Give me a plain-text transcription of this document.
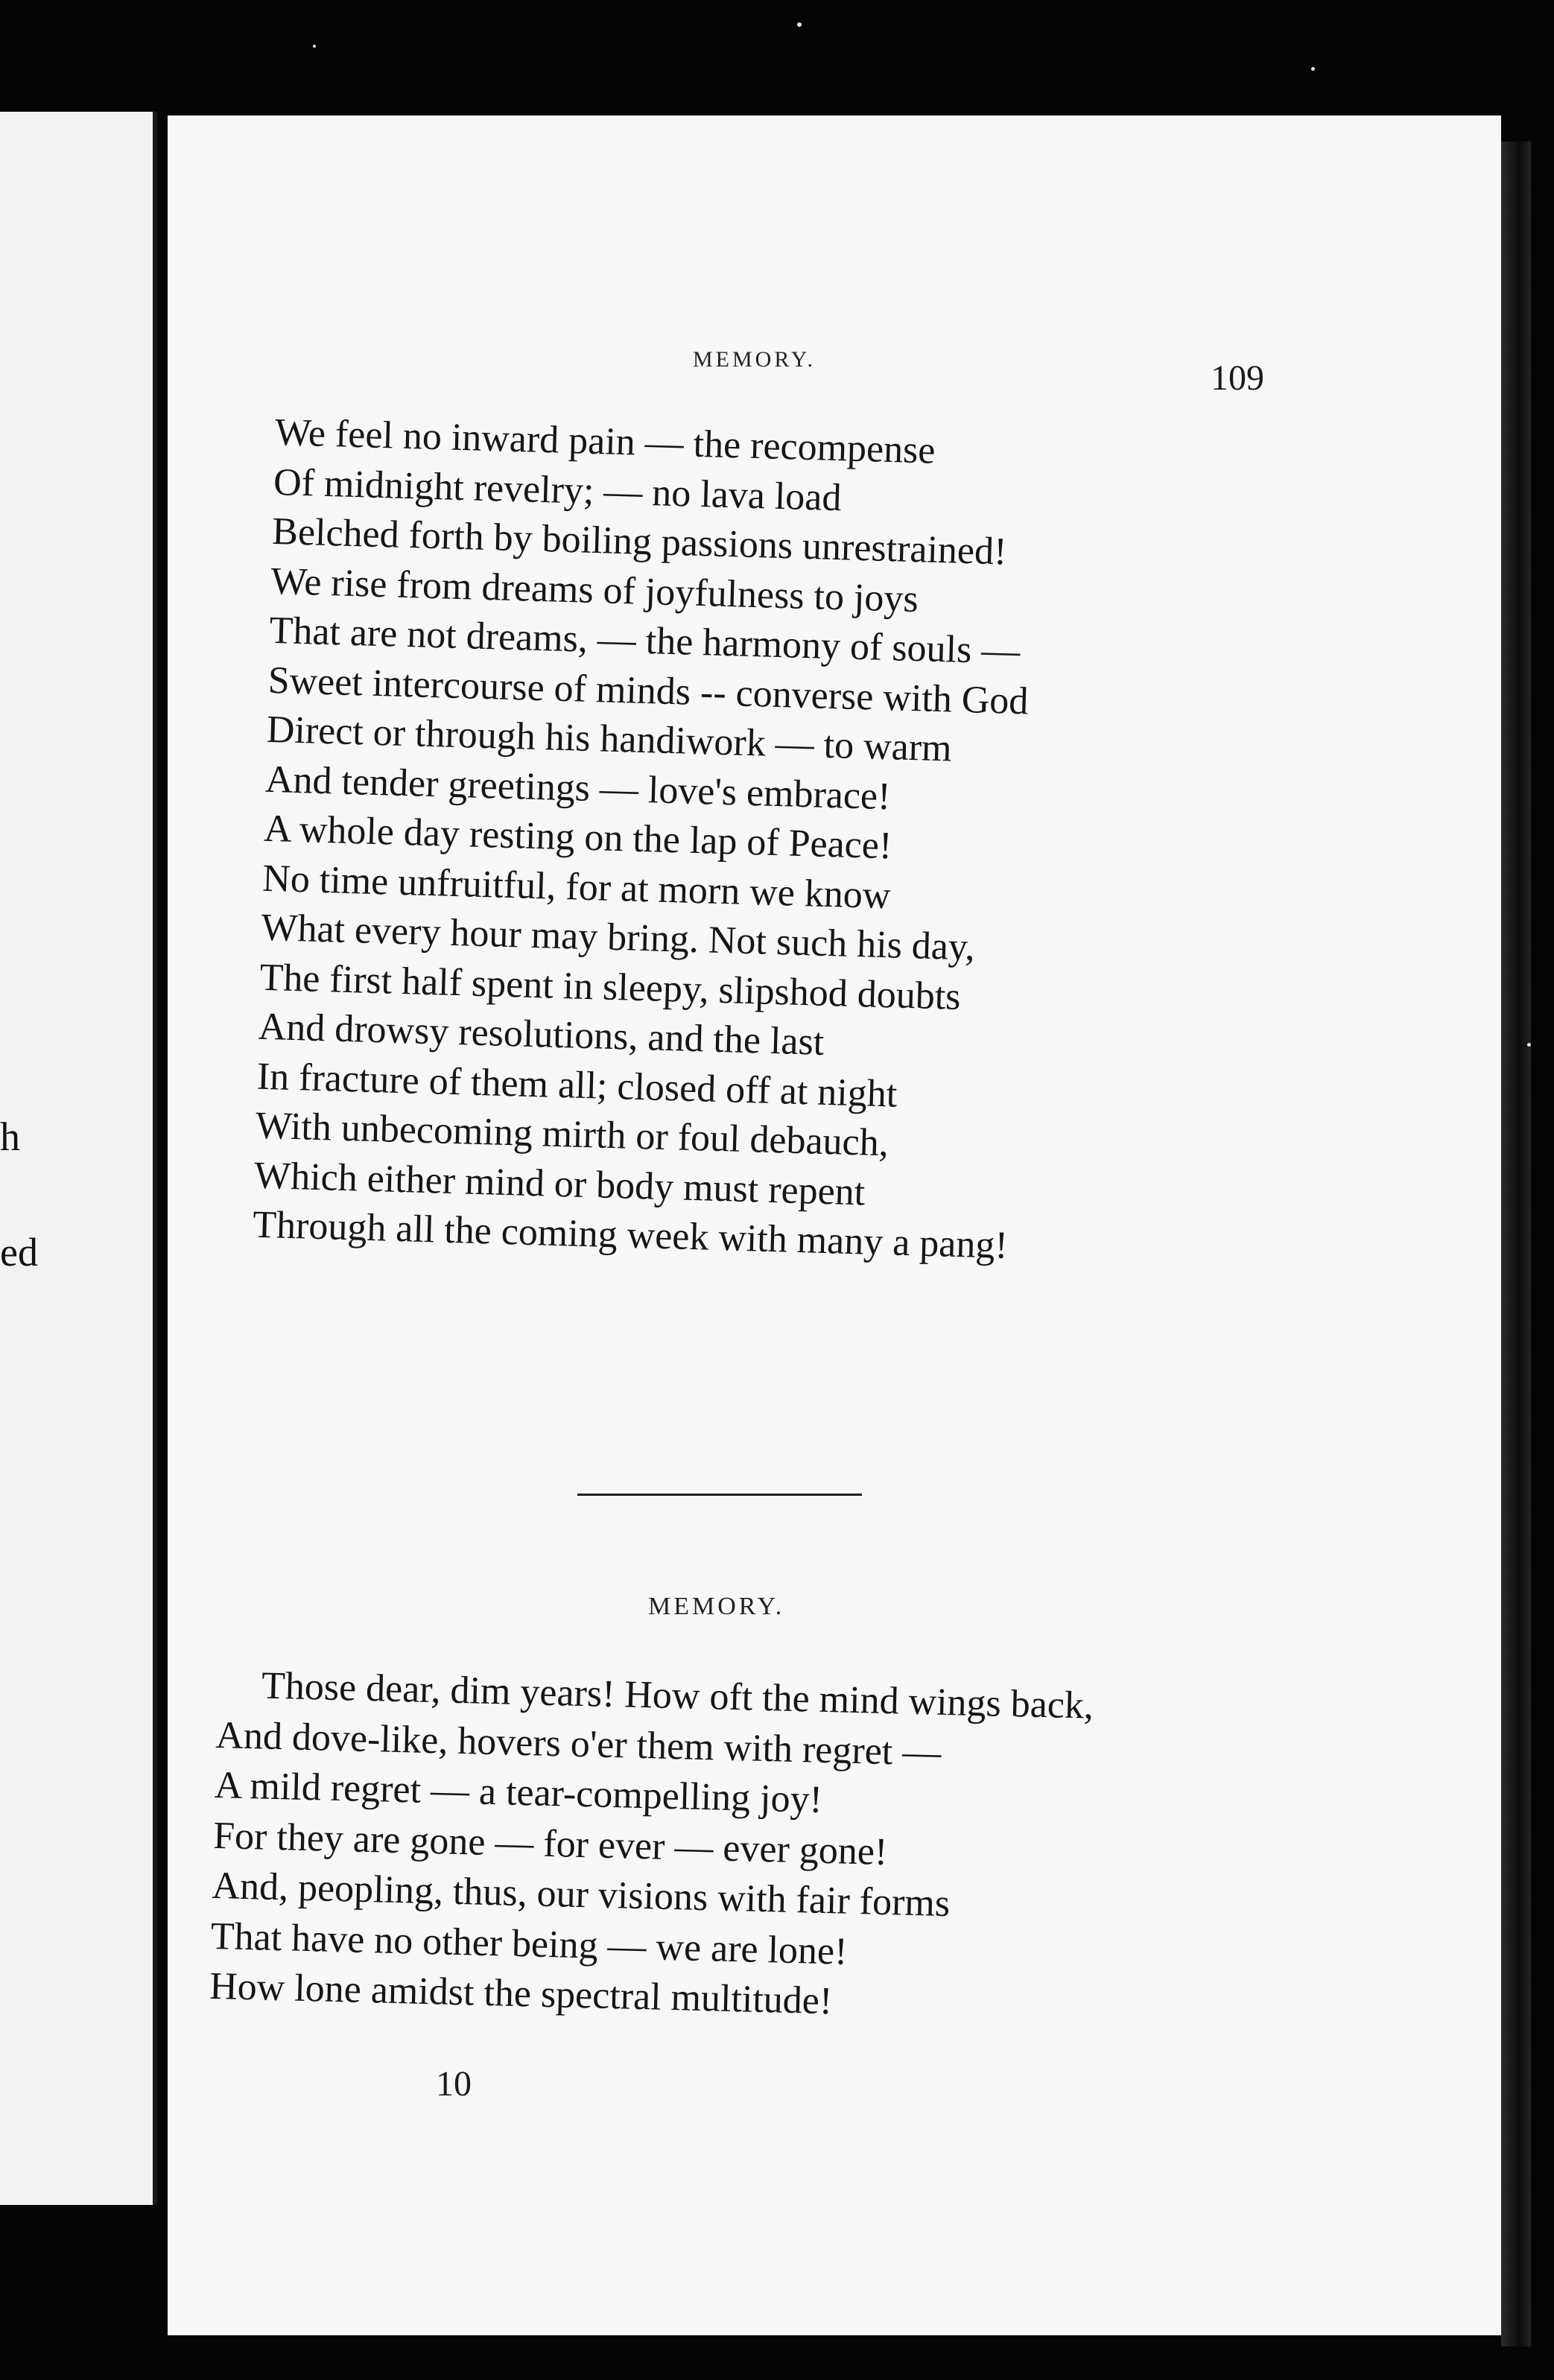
h
ed
MEMORY.	109
We feel no inward pain — the recompense
Of midnight revelry; — no lava load
Belched forth by boiling passions unrestrained!
We rise from dreams of joyfulness to joys
That are not dreams, — the harmony of souls —
Sweet intercourse of minds -- converse with God
Direct or through his handiwork — to warm
And tender greetings — love's embrace!
A whole day resting on the lap of Peace!
No time unfruitful, for at morn we know
What every hour may bring. Not such his day,
The first half spent in sleepy, slipshod doubts
And drowsy resolutions, and the last
In fracture of them all; closed off at night
With unbecoming mirth or foul debauch,
Which either mind or body must repent
Through all the coming week with many a pang!
MEMORY.
Those dear, dim years! How oft the mind wings back,
And dove-like, hovers o'er them with regret —
A mild regret — a tear-compelling joy!
For they are gone — for ever — ever gone!
And, peopling, thus, our visions with fair forms
That have no other being — we are lone!
How lone amidst the spectral multitude!
10
